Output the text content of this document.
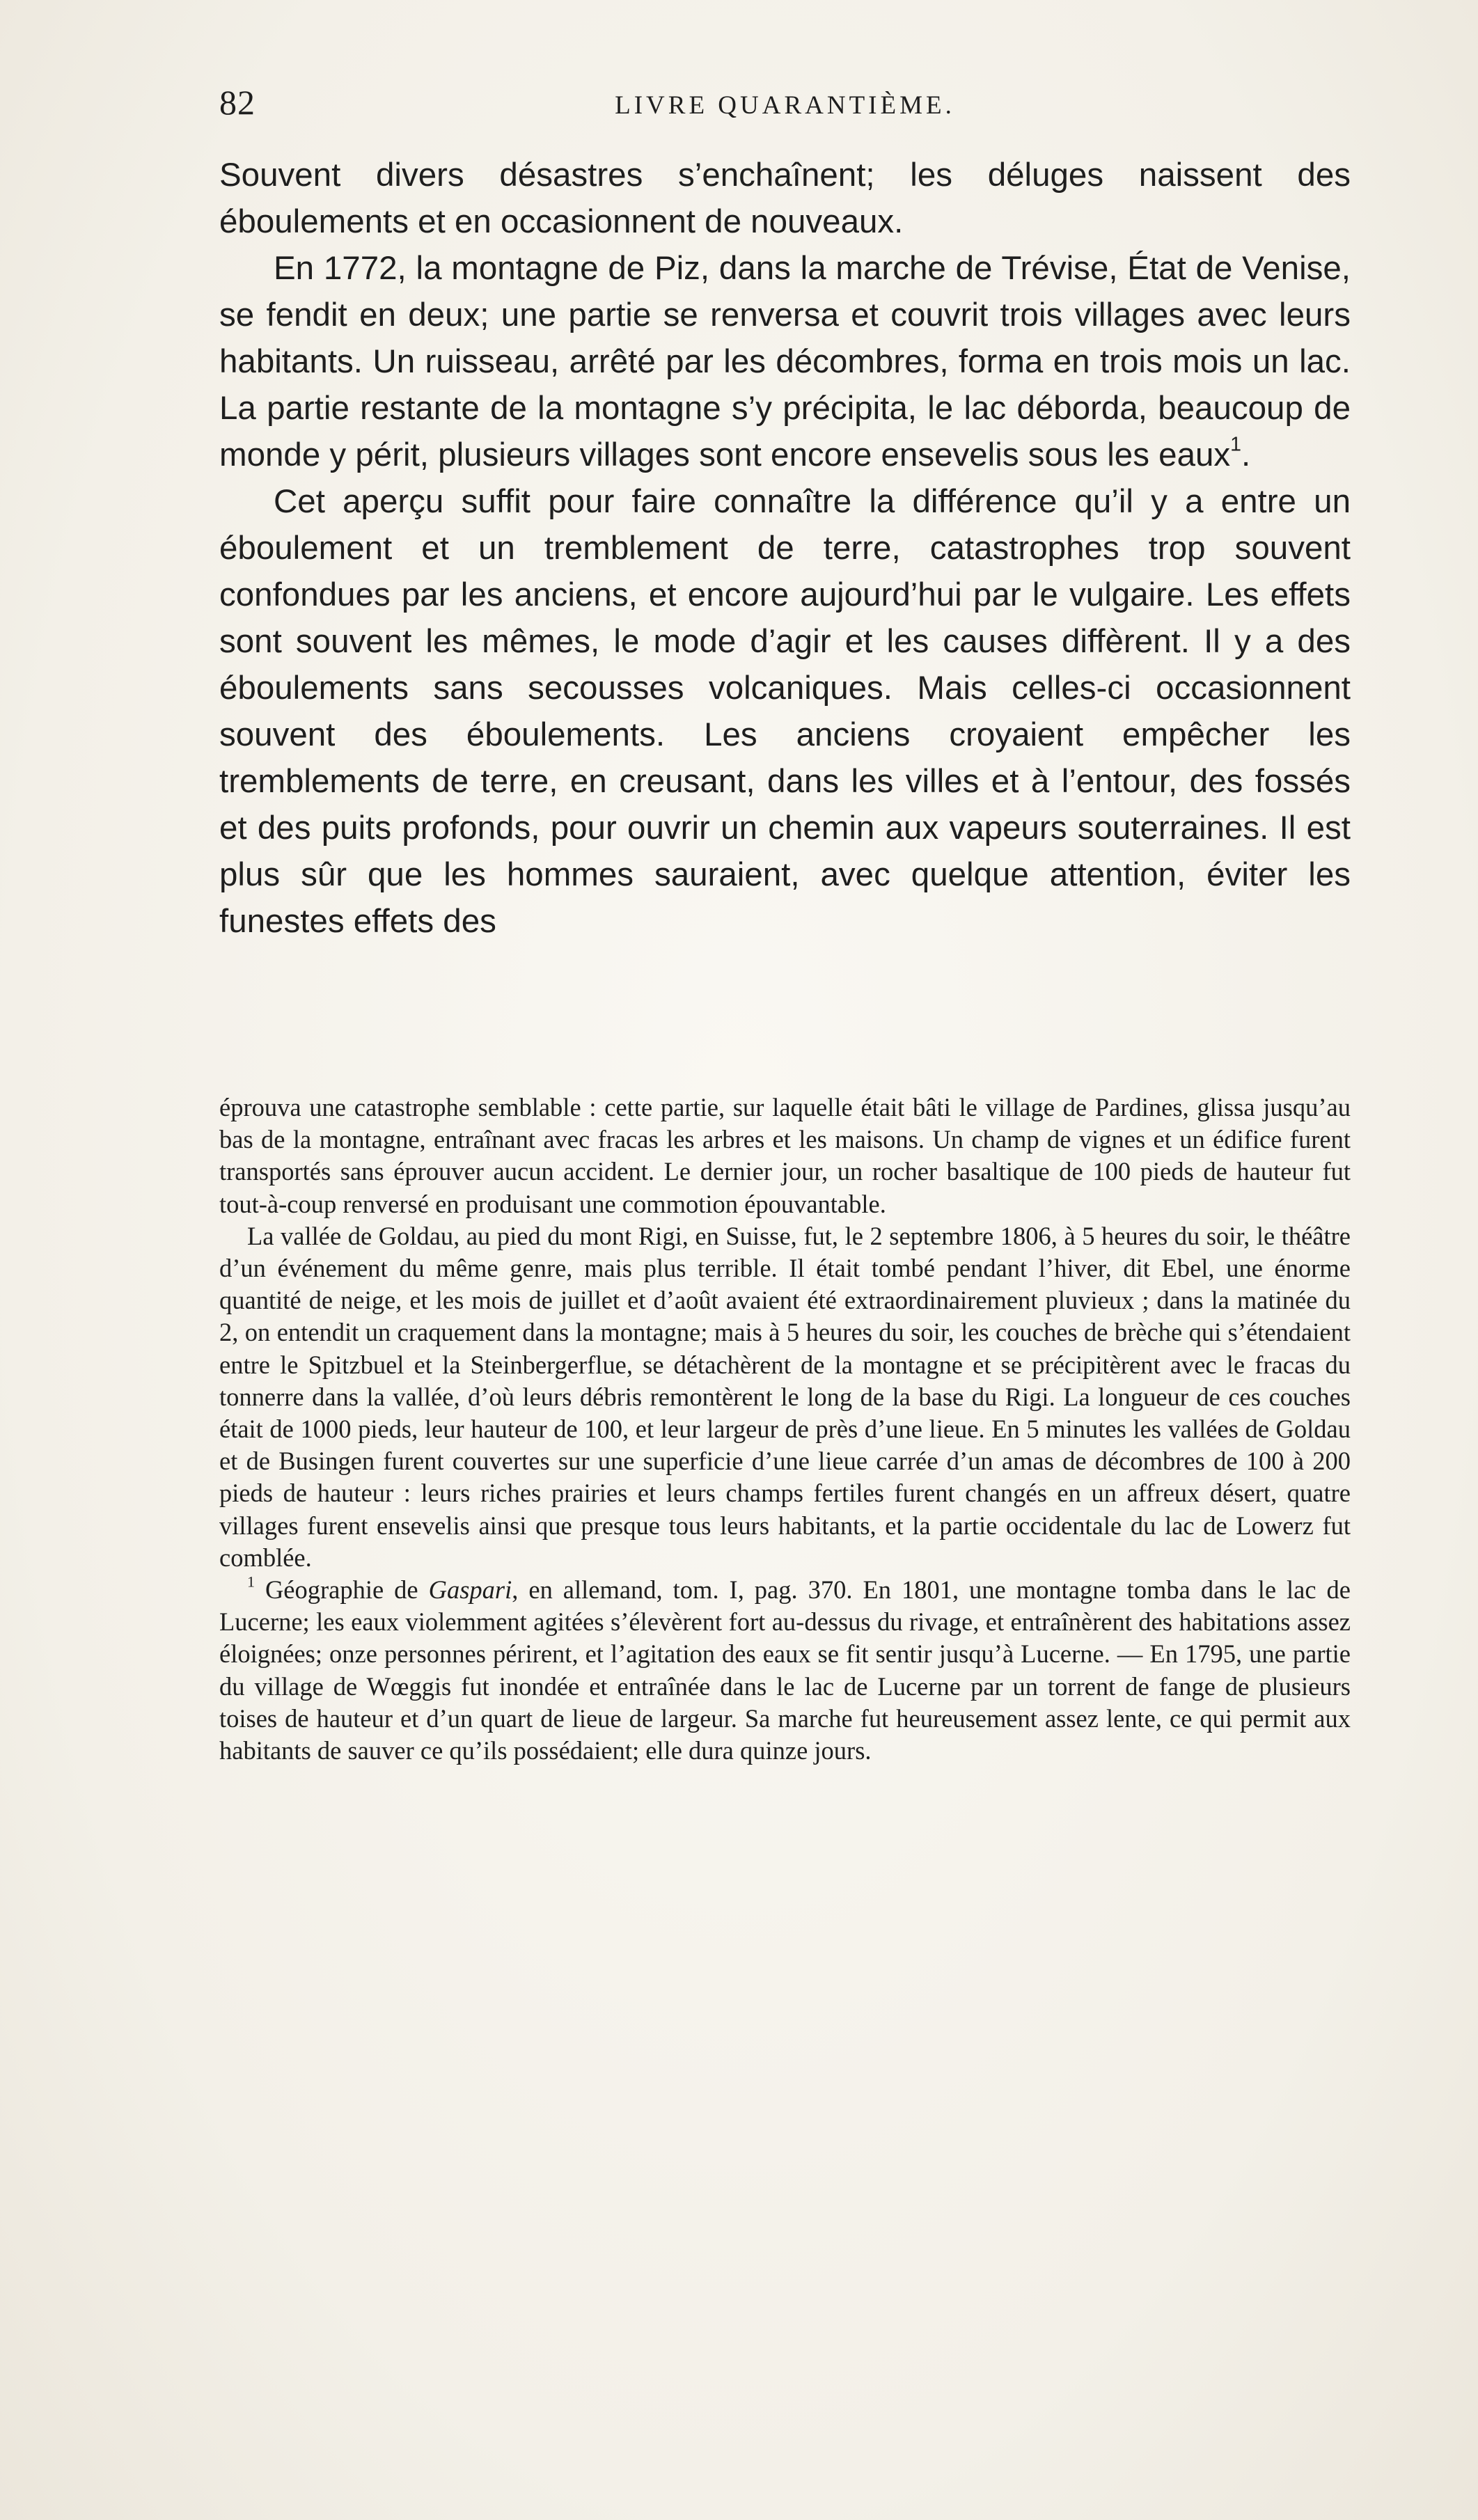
82	LIVRE QUARANTIÈME.

Souvent divers désastres s’enchaînent; les déluges naissent des éboulements et en occasionnent de nouveaux.

En 1772, la montagne de Piz, dans la marche de Trévise, État de Venise, se fendit en deux; une partie se renversa et couvrit trois villages avec leurs habitants. Un ruisseau, arrêté par les décombres, forma en trois mois un lac. La partie restante de la montagne s’y précipita, le lac déborda, beaucoup de monde y périt, plusieurs villages sont encore ensevelis sous les eaux$^1$.

Cet aperçu suffit pour faire connaître la différence qu’il y a entre un éboulement et un tremblement de terre, catastrophes trop souvent confondues par les anciens, et encore aujourd’hui par le vulgaire. Les effets sont souvent les mêmes, le mode d’agir et les causes diffèrent. Il y a des éboulements sans secousses volcaniques. Mais celles-ci occasionnent souvent des éboulements. Les anciens croyaient empêcher les tremblements de terre, en creusant, dans les villes et à l’entour, des fossés et des puits profonds, pour ouvrir un chemin aux vapeurs souterraines. Il est plus sûr que les hommes sauraient, avec quelque attention, éviter les funestes effets des

éprouva une catastrophe semblable : cette partie, sur laquelle était bâti le village de Pardines, glissa jusqu’au bas de la montagne, entraînant avec fracas les arbres et les maisons. Un champ de vignes et un édifice furent transportés sans éprouver aucun accident. Le dernier jour, un rocher basaltique de 100 pieds de hauteur fut tout-à-coup renversé en produisant une commotion épouvantable.

La vallée de Goldau, au pied du mont Rigi, en Suisse, fut, le 2 septembre 1806, à 5 heures du soir, le théâtre d’un événement du même genre, mais plus terrible. Il était tombé pendant l’hiver, dit Ebel, une énorme quantité de neige, et les mois de juillet et d’août avaient été extraordinairement pluvieux ; dans la matinée du 2, on entendit un craquement dans la montagne; mais à 5 heures du soir, les couches de brèche qui s’étendaient entre le Spitzbuel et la Steinbergerflue, se détachèrent de la montagne et se précipitèrent avec le fracas du tonnerre dans la vallée, d’où leurs débris remontèrent le long de la base du Rigi. La longueur de ces couches était de 1000 pieds, leur hauteur de 100, et leur largeur de près d’une lieue. En 5 minutes les vallées de Goldau et de Busingen furent couvertes sur une superficie d’une lieue carrée d’un amas de décombres de 100 à 200 pieds de hauteur : leurs riches prairies et leurs champs fertiles furent changés en un affreux désert, quatre villages furent ensevelis ainsi que presque tous leurs habitants, et la partie occidentale du lac de Lowerz fut comblée.

$^1$ Géographie de Gaspari, en allemand, tom. I, pag. 370. En 1801, une montagne tomba dans le lac de Lucerne; les eaux violemment agitées s’élevèrent fort au-dessus du rivage, et entraînèrent des habitations assez éloignées; onze personnes périrent, et l’agitation des eaux se fit sentir jusqu’à Lucerne. — En 1795, une partie du village de Wœggis fut inondée et entraînée dans le lac de Lucerne par un torrent de fange de plusieurs toises de hauteur et d’un quart de lieue de largeur. Sa marche fut heureusement assez lente, ce qui permit aux habitants de sauver ce qu’ils possédaient; elle dura quinze jours.
